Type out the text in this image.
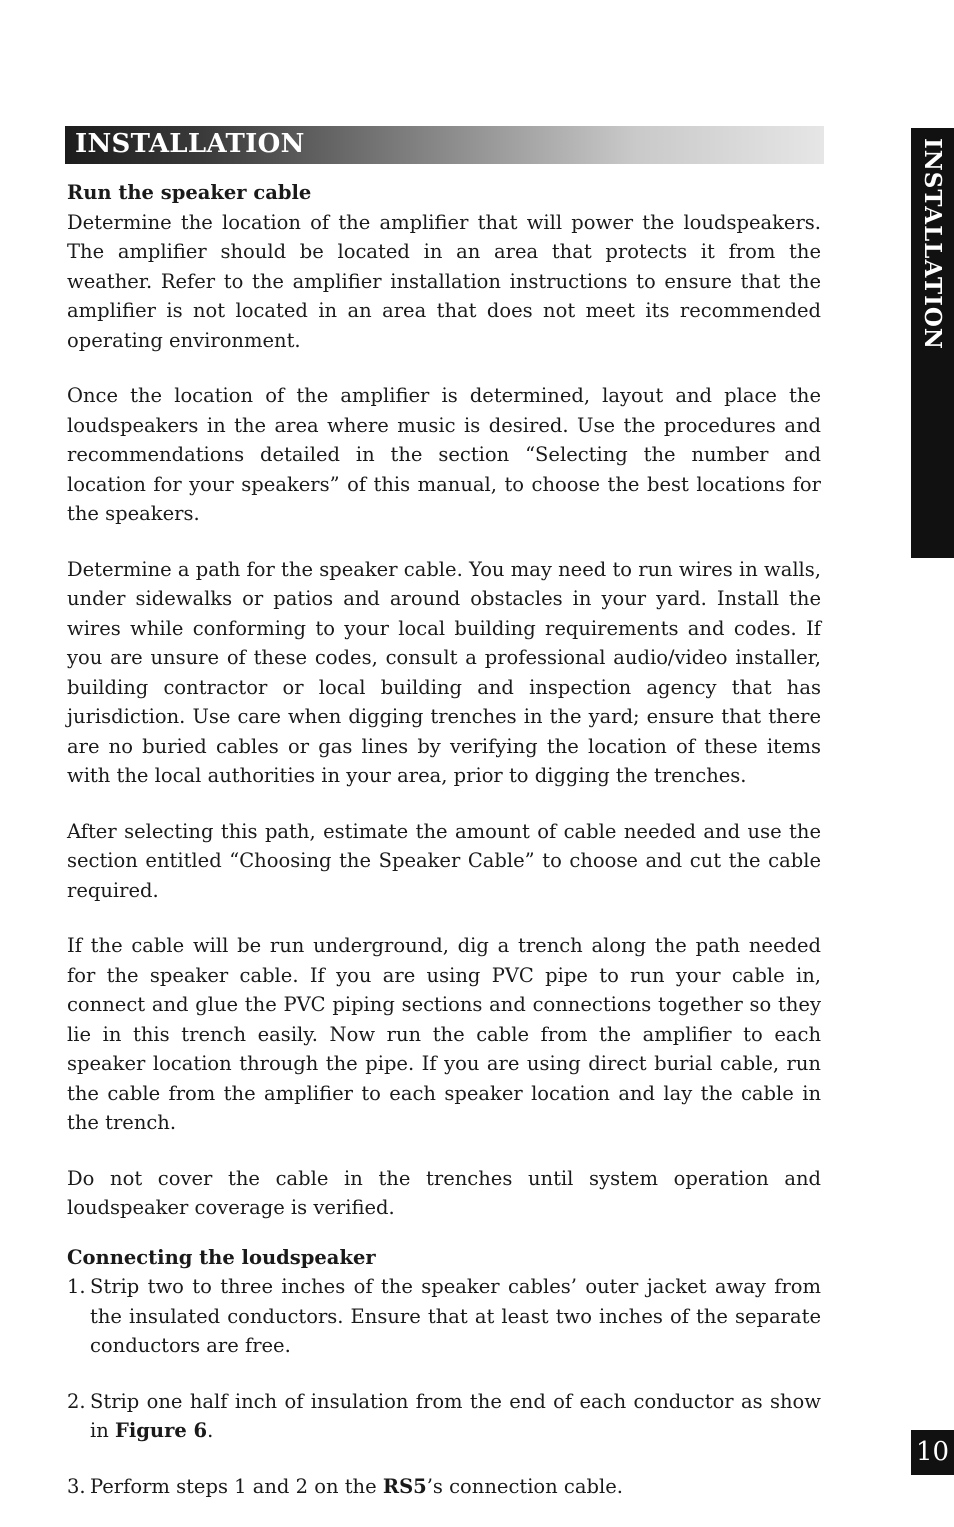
INSTALLATION	INSTALLATION
10
Run the speaker cable

Determine the location of the amplifier that will power the loudspeakers. The amplifier should be located in an area that protects it from the weather. Refer to the amplifier installation instructions to ensure that the amplifier is not located in an area that does not meet its recommended operating environment.

Once the location of the amplifier is determined, layout and place the loudspeakers in the area where music is desired. Use the procedures and recommendations detailed in the section “Selecting the number and location for your speakers” of this manual, to choose the best locations for the speakers.

Determine a path for the speaker cable. You may need to run wires in walls, under sidewalks or patios and around obstacles in your yard. Install the wires while conforming to your local building requirements and codes. If you are unsure of these codes, consult a professional audio/video installer, building contractor or local building and inspection agency that has jurisdiction. Use care when digging trenches in the yard; ensure that there are no buried cables or gas lines by verifying the location of these items with the local authorities in your area, prior to digging the trenches.

After selecting this path, estimate the amount of cable needed and use the section entitled “Choosing the Speaker Cable” to choose and cut the cable required.

If the cable will be run underground, dig a trench along the path needed for the speaker cable. If you are using PVC pipe to run your cable in, connect and glue the PVC piping sections and connections together so they lie in this trench easily. Now run the cable from the amplifier to each speaker location through the pipe. If you are using direct burial cable, run the cable from the amplifier to each speaker location and lay the cable in the trench.

Do not cover the cable in the trenches until system operation and loudspeaker coverage is verified.

Connecting the loudspeaker
1. Strip two to three inches of the speaker cables’ outer jacket away from the insulated conductors. Ensure that at least two inches of the separate conductors are free.
2. Strip one half inch of insulation from the end of each conductor as show in Figure 6.
3. Perform steps 1 and 2 on the RS5’s connection cable.
